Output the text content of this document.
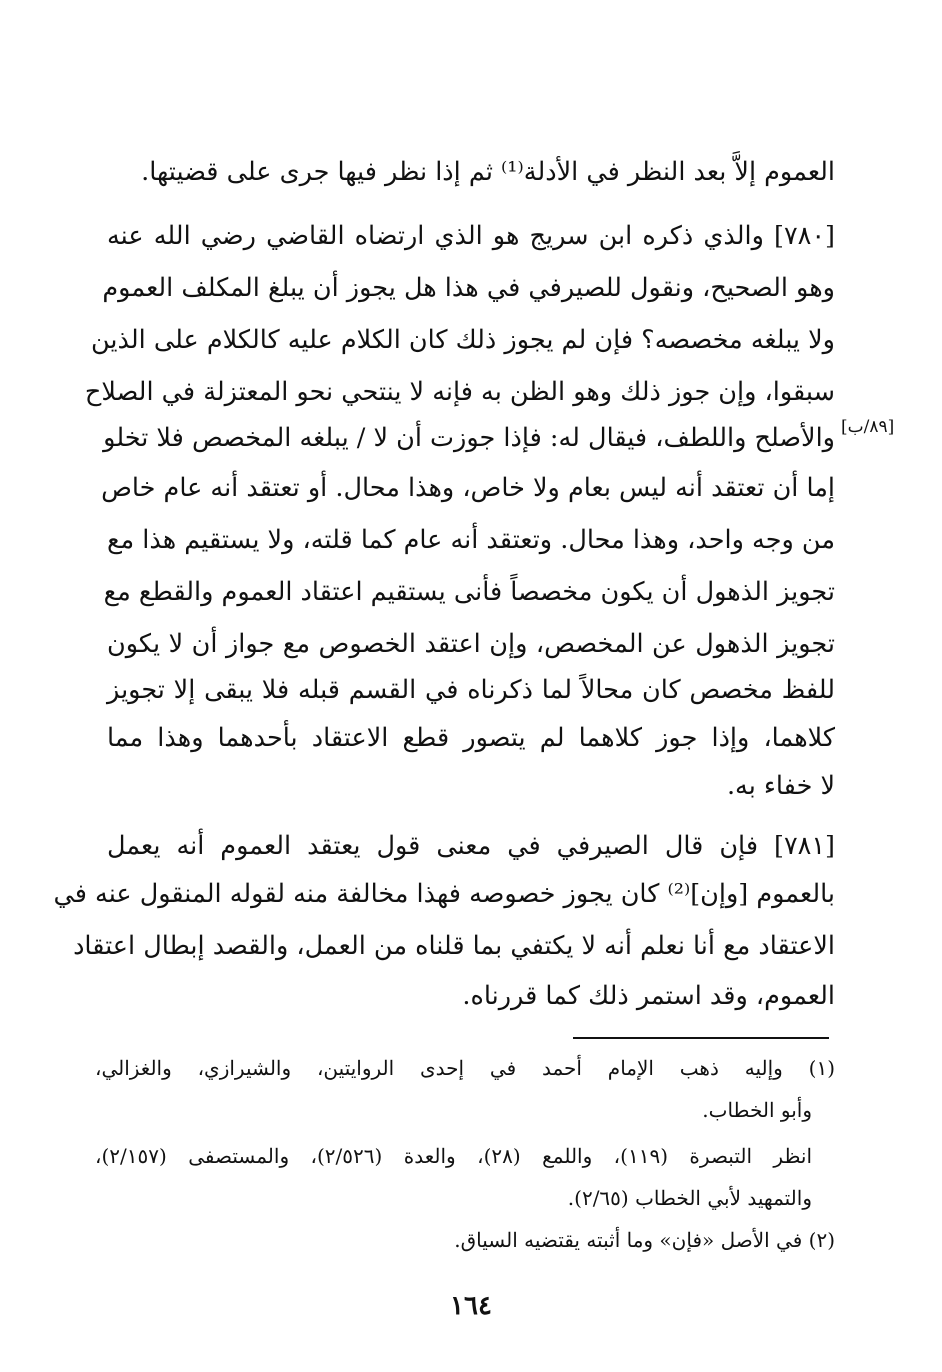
العموم إلاَّ بعد النظر في الأدلة⁽¹⁾ ثم إذا نظر فيها جرى على قضيتها.
[٧٨٠] والذي ذكره ابن سريج هو الذي ارتضاه القاضي رضي الله عنه
وهو الصحيح، ونقول للصيرفي في هذا هل يجوز أن يبلغ المكلف العموم
ولا يبلغه مخصصه؟ فإن لم يجوز ذلك كان الكلام عليه كالكلام على الذين
سبقوا، وإن جوز ذلك وهو الظن به فإنه لا ينتحي نحو المعتزلة في الصلاح
والأصلح واللطف، فيقال له: فإذا جوزت أن لا / يبلغه المخصص فلا تخلو [٨٩/ب]
إما أن تعتقد أنه ليس بعام ولا خاص، وهذا محال. أو تعتقد أنه عام خاص
من وجه واحد، وهذا محال. وتعتقد أنه عام كما قلته، ولا يستقيم هذا مع
تجويز الذهول أن يكون مخصصاً فأنى يستقيم اعتقاد العموم والقطع مع
تجويز الذهول عن المخصص، وإن اعتقد الخصوص مع جواز أن لا يكون
للفظ مخصص كان محالاً لما ذكرناه في القسم قبله فلا يبقى إلا تجويز
كلاهما، وإذا جوز كلاهما لم يتصور قطع الاعتقاد بأحدهما وهذا مما
لا خفاء به.
[٧٨١] فإن قال الصيرفي في معنى قول يعتقد العموم أنه يعمل
بالعموم [وإن]⁽²⁾ كان يجوز خصوصه فهذا مخالفة منه لقوله المنقول عنه في
الاعتقاد مع أنا نعلم أنه لا يكتفي بما قلناه من العمل، والقصد إبطال اعتقاد
العموم، وقد استمر ذلك كما قررناه.
(١) وإليه ذهب الإمام أحمد في إحدى الروايتين، والشيرازي، والغزالي،
وأبو الخطاب.
انظر التبصرة (١١٩)، واللمع (٢٨)، والعدة (٢/٥٢٦)، والمستصفى (٢/١٥٧)،
والتمهيد لأبي الخطاب (٢/٦٥).
(٢) في الأصل «فإن» وما أثبته يقتضيه السياق.
١٦٤
